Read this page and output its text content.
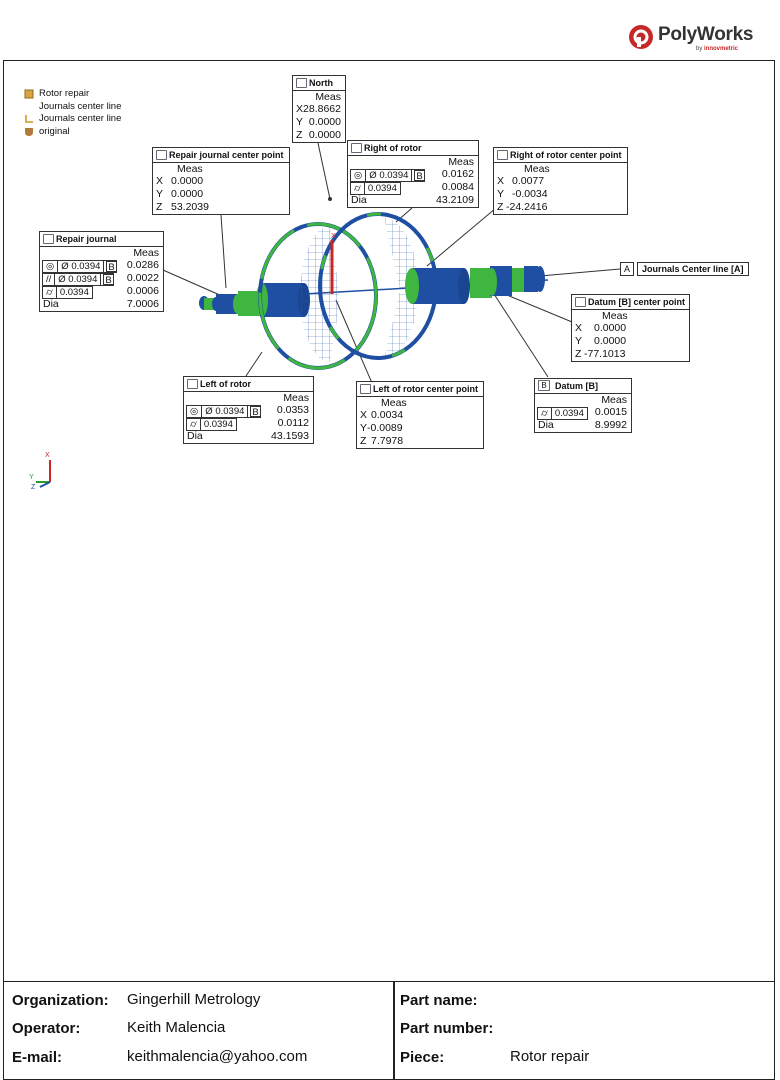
PolyWorks
by innovmetric
X
X
Y
Z
Rotor repair
Journals center line
Journals center line
original
North
Meas
X 28.8662
Y 0.0000
Z 0.0000
Repair journal center point
Meas
X 0.0000
Y 0.0000
Z 53.2039
Right of rotor
Meas
◎ Ø 0.0394 B 0.0162
⌭ 0.0394	0.0084
Dia	43.2109
Right of rotor center point
Meas
X 0.0077
Y -0.0034
Z -24.2416
Repair journal
Meas
◎ Ø 0.0394 B 0.0286
// Ø 0.0394 B 0.0022
⌭ 0.0394	0.0006
Dia	7.0006
A	Journals Center line [A]
Datum [B] center point
Meas
X 0.0000
Y 0.0000
Z -77.1013
Left of rotor
Meas
◎ Ø 0.0394 B 0.0353
⌭ 0.0394	0.0112
Dia	43.1593
Left of rotor center point
Meas
X 0.0034
Y -0.0089
Z 7.7978
B Datum [B]
Meas
⌭ 0.0394 0.0015
Dia	8.9992
Organization: Gingerhill Metrology
Operator:	Keith Malencia
E-mail:	keithmalencia@yahoo.com
Part name:
Part number:
Piece:	Rotor repair
